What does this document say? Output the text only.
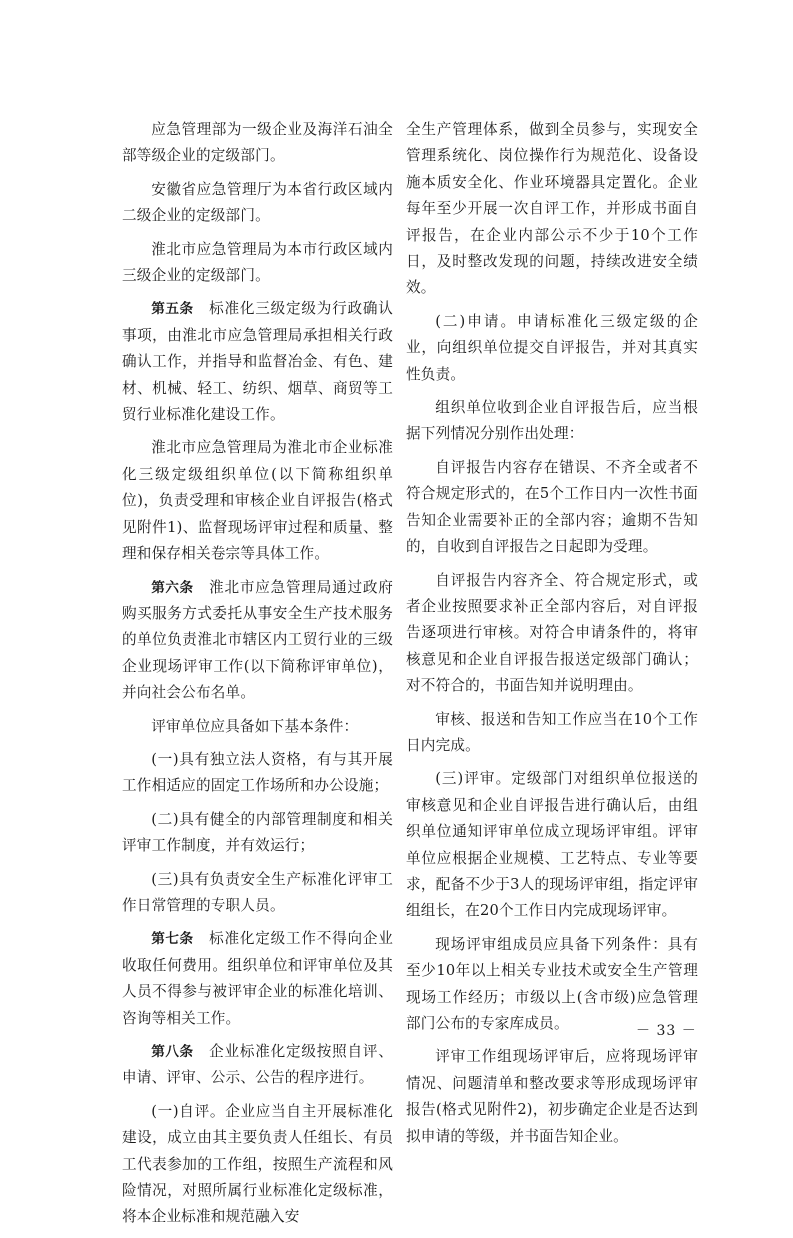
应急管理部为一级企业及海洋石油全部等级企业的定级部门。

安徽省应急管理厅为本省行政区域内二级企业的定级部门。

淮北市应急管理局为本市行政区域内三级企业的定级部门。

第五条　标准化三级定级为行政确认事项，由淮北市应急管理局承担相关行政确认工作，并指导和监督冶金、有色、建材、机械、轻工、纺织、烟草、商贸等工贸行业标准化建设工作。

淮北市应急管理局为淮北市企业标准化三级定级组织单位(以下简称组织单位)，负责受理和审核企业自评报告(格式见附件1)、监督现场评审过程和质量、整理和保存相关卷宗等具体工作。

第六条　淮北市应急管理局通过政府购买服务方式委托从事安全生产技术服务的单位负责淮北市辖区内工贸行业的三级企业现场评审工作(以下简称评审单位)，并向社会公布名单。

评审单位应具备如下基本条件：

(一)具有独立法人资格，有与其开展工作相适应的固定工作场所和办公设施；

(二)具有健全的内部管理制度和相关评审工作制度，并有效运行；

(三)具有负责安全生产标准化评审工作日常管理的专职人员。

第七条　标准化定级工作不得向企业收取任何费用。组织单位和评审单位及其人员不得参与被评审企业的标准化培训、咨询等相关工作。

第八条　企业标准化定级按照自评、申请、评审、公示、公告的程序进行。

(一)自评。企业应当自主开展标准化建设，成立由其主要负责人任组长、有员工代表参加的工作组，按照生产流程和风险情况，对照所属行业标准化定级标准，将本企业标准和规范融入安

全生产管理体系，做到全员参与，实现安全管理系统化、岗位操作行为规范化、设备设施本质安全化、作业环境器具定置化。企业每年至少开展一次自评工作，并形成书面自评报告，在企业内部公示不少于10个工作日，及时整改发现的问题，持续改进安全绩效。

(二)申请。申请标准化三级定级的企业，向组织单位提交自评报告，并对其真实性负责。

组织单位收到企业自评报告后，应当根据下列情况分别作出处理：

自评报告内容存在错误、不齐全或者不符合规定形式的，在5个工作日内一次性书面告知企业需要补正的全部内容；逾期不告知的，自收到自评报告之日起即为受理。

自评报告内容齐全、符合规定形式，或者企业按照要求补正全部内容后，对自评报告逐项进行审核。对符合申请条件的，将审核意见和企业自评报告报送定级部门确认；对不符合的，书面告知并说明理由。

审核、报送和告知工作应当在10个工作日内完成。

(三)评审。定级部门对组织单位报送的审核意见和企业自评报告进行确认后，由组织单位通知评审单位成立现场评审组。评审单位应根据企业规模、工艺特点、专业等要求，配备不少于3人的现场评审组，指定评审组组长，在20个工作日内完成现场评审。

现场评审组成员应具备下列条件：具有至少10年以上相关专业技术或安全生产管理现场工作经历；市级以上(含市级)应急管理部门公布的专家库成员。

评审工作组现场评审后，应将现场评审情况、问题清单和整改要求等形成现场评审报告(格式见附件2)，初步确定企业是否达到拟申请的等级，并书面告知企业。

－ 33 －
